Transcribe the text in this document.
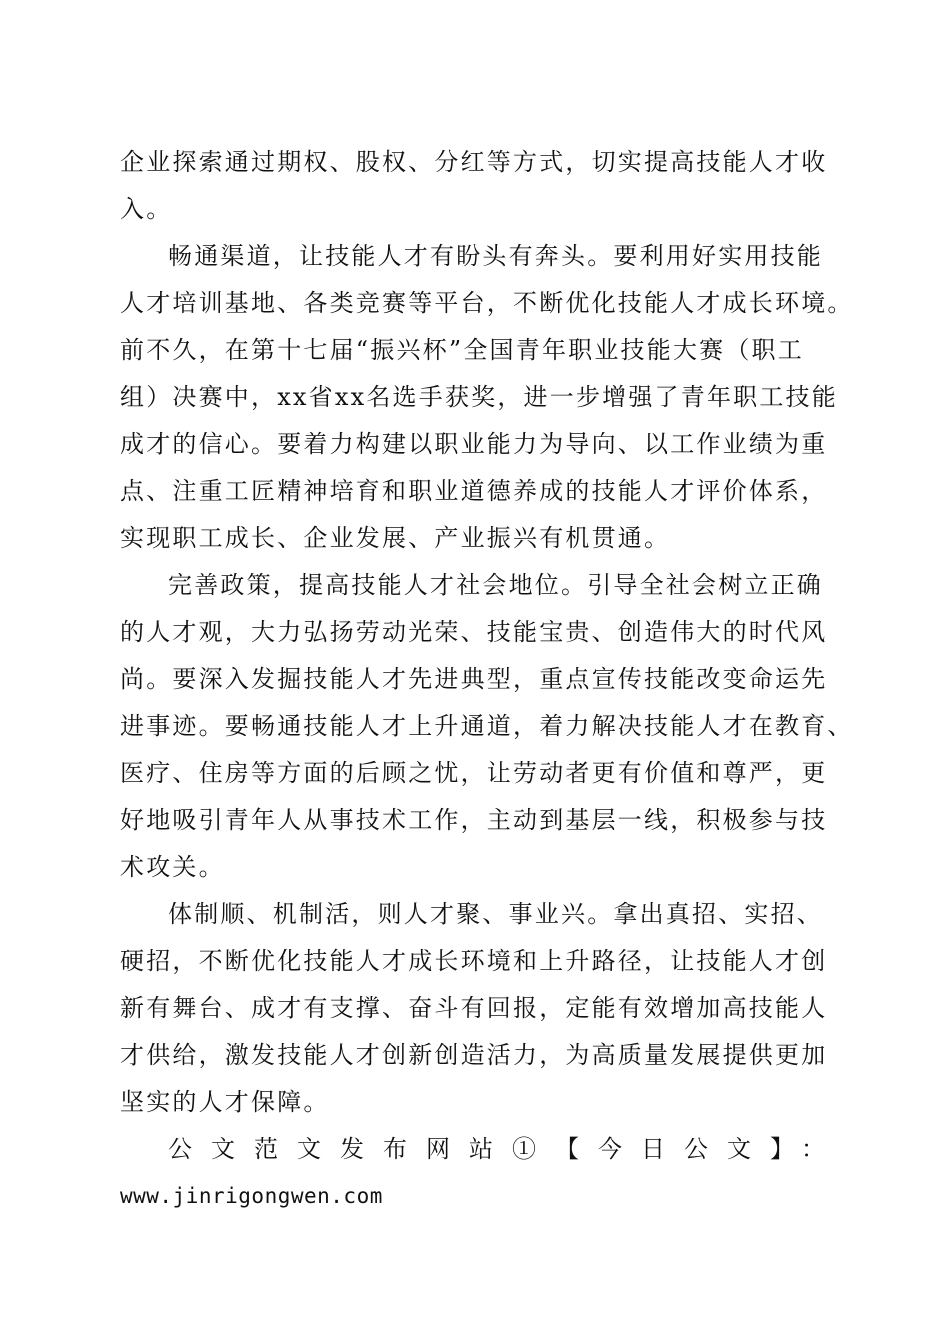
企业探索通过期权、股权、分红等方式，切实提高技能人才收
入。
畅通渠道，让技能人才有盼头有奔头。要利用好实用技能
人才培训基地、各类竞赛等平台，不断优化技能人才成长环境。
前不久，在第十七届“振兴杯”全国青年职业技能大赛（职工
组）决赛中，xx省xx名选手获奖，进一步增强了青年职工技能
成才的信心。要着力构建以职业能力为导向、以工作业绩为重
点、注重工匠精神培育和职业道德养成的技能人才评价体系，
实现职工成长、企业发展、产业振兴有机贯通。
完善政策，提高技能人才社会地位。引导全社会树立正确
的人才观，大力弘扬劳动光荣、技能宝贵、创造伟大的时代风
尚。要深入发掘技能人才先进典型，重点宣传技能改变命运先
进事迹。要畅通技能人才上升通道，着力解决技能人才在教育、
医疗、住房等方面的后顾之忧，让劳动者更有价值和尊严，更
好地吸引青年人从事技术工作，主动到基层一线，积极参与技
术攻关。
体制顺、机制活，则人才聚、事业兴。拿出真招、实招、
硬招，不断优化技能人才成长环境和上升路径，让技能人才创
新有舞台、成才有支撑、奋斗有回报，定能有效增加高技能人
才供给，激发技能人才创新创造活力，为高质量发展提供更加
坚实的人才保障。
公文范文发布网站①【今日公文】：
www.jinrigongwen.com
